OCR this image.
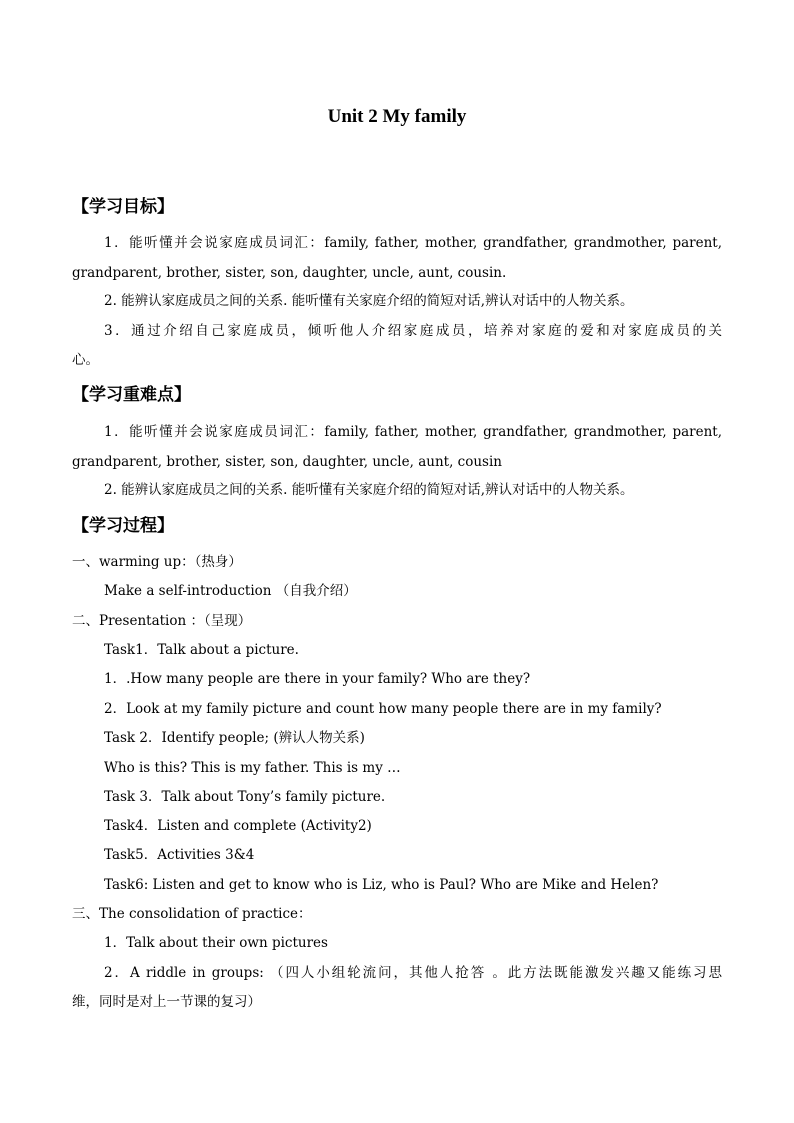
Unit 2 My family
【学习目标】
1．能听懂并会说家庭成员词汇：family, father, mother, grandfather, grandmother, parent,
grandparent, brother, sister, son, daughter, uncle, aunt, cousin.
2. 能辨认家庭成员之间的关系. 能听懂有关家庭介绍的简短对话,辨认对话中的人物关系。
3．通过介绍自己家庭成员，倾听他人介绍家庭成员，培养对家庭的爱和对家庭成员的关
心。
【学习重难点】
1．能听懂并会说家庭成员词汇：family, father, mother, grandfather, grandmother, parent,
grandparent, brother, sister, son, daughter, uncle, aunt, cousin
2. 能辨认家庭成员之间的关系. 能听懂有关家庭介绍的简短对话,辨认对话中的人物关系。
【学习过程】
一、warming up：（热身）
Make a self-introduction （自我介绍）
二、Presentation ：（呈现）
Task1．Talk about a picture.
1．.How many people are there in your family? Who are they?
2．Look at my family picture and count how many people there are in my family?
Task 2．Identify people; (辨认人物关系)
Who is this? This is my father. This is my …
Task 3．Talk about Tony’s family picture.
Task4．Listen and complete (Activity2)
Task5．Activities 3&4
Task6: Listen and get to know who is Liz, who is Paul? Who are Mike and Helen?
三、The consolidation of practice：
1．Talk about their own pictures
2．A riddle in groups: （四人小组轮流问，其他人抢答 。此方法既能激发兴趣又能练习思
维，同时是对上一节课的复习）
